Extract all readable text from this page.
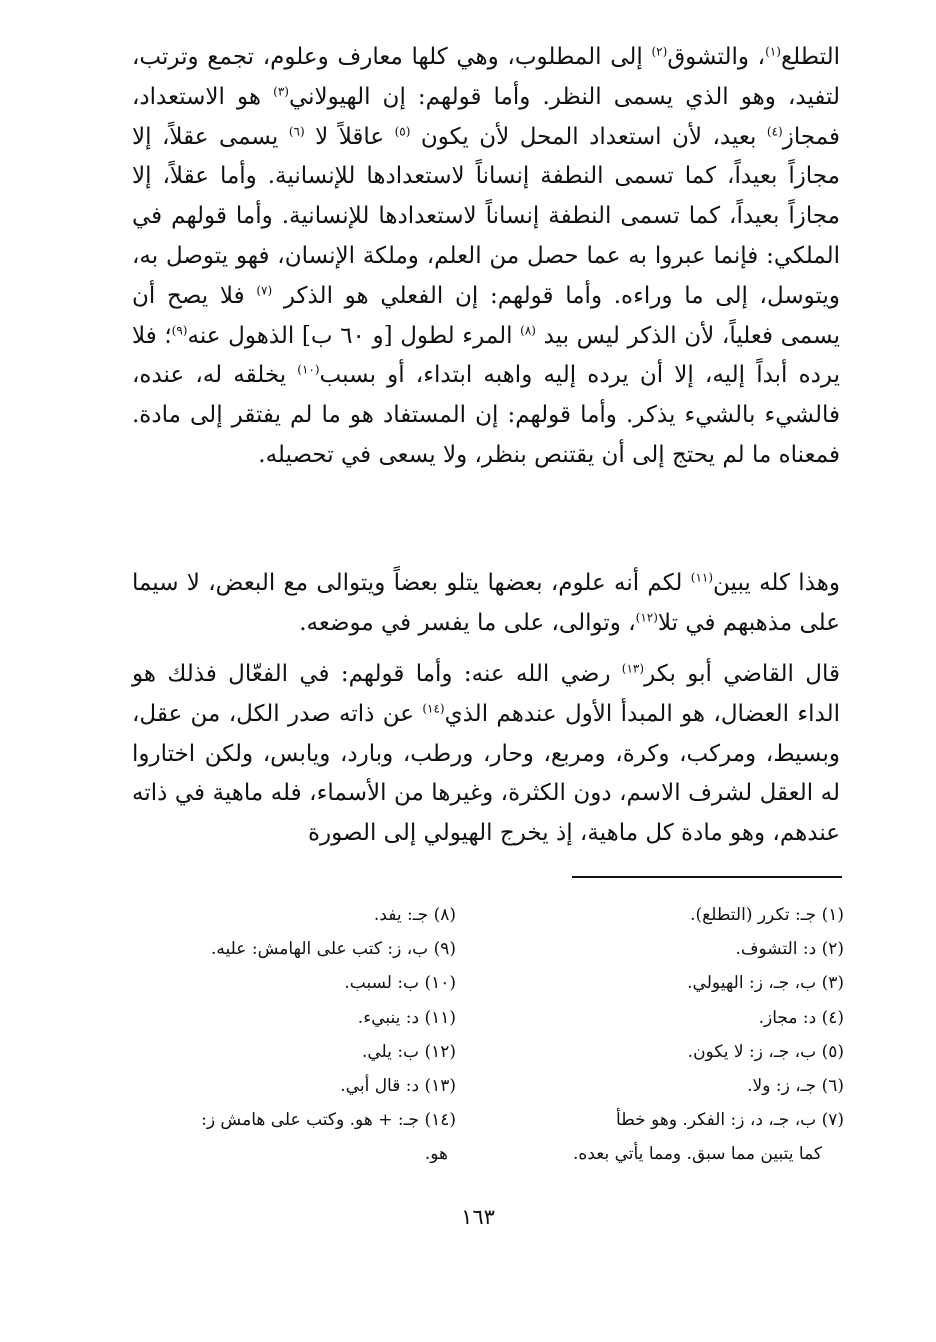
التطلع$^{(١)}$، والتشوق$^{(٢)}$ إلى المطلوب، وهي كلها معارف وعلوم، تجمع وترتب، لتفيد، وهو الذي يسمى النظر. وأما قولهم: إن الهيولاني$^{(٣)}$ هو الاستعداد، فمجاز$^{(٤)}$ بعيد، لأن استعداد المحل لأن يكون $^{(٥)}$ عاقلاً لا $^{(٦)}$ يسمى عقلاً، إلا مجازاً بعيداً، كما تسمى النطفة إنساناً لاستعدادها للإنسانية. وأما عقلاً، إلا مجازاً بعيداً، كما تسمى النطفة إنساناً لاستعدادها للإنسانية. وأما قولهم في الملكي: فإنما عبروا به عما حصل من العلم، وملكة الإنسان، فهو يتوصل به، ويتوسل، إلى ما وراءه. وأما قولهم: إن الفعلي هو الذكر $^{(٧)}$ فلا يصح أن يسمى فعلياً، لأن الذكر ليس بيد $^{(٨)}$ المرء لطول [و ٦٠ ب] الذهول عنه$^{(٩)}$؛ فلا يرده أبداً إليه، إلا أن يرده إليه واهبه ابتداء، أو بسبب$^{(١٠)}$ يخلقه له، عنده، فالشيء بالشيء يذكر. وأما قولهم: إن المستفاد هو ما لم يفتقر إلى مادة. فمعناه ما لم يحتج إلى أن يقتنص بنظر، ولا يسعى في تحصيله.

وهذا كله يبين$^{(١١)}$ لكم أنه علوم، بعضها يتلو بعضاً ويتوالى مع البعض، لا سيما على مذهبهم في تلا$^{(١٢)}$، وتوالى، على ما يفسر في موضعه.

قال القاضي أبو بكر$^{(١٣)}$ رضي الله عنه: وأما قولهم: في الفعّال فذلك هو الداء العضال، هو المبدأ الأول عندهم الذي$^{(١٤)}$ عن ذاته صدر الكل، من عقل، وبسيط، ومركب، وكرة، ومربع، وحار، ورطب، وبارد، ويابس، ولكن اختاروا له العقل لشرف الاسم، دون الكثرة، وغيرها من الأسماء، فله ماهية في ذاته عندهم، وهو مادة كل ماهية، إذ يخرج الهيولي إلى الصورة

(١) جـ: تكرر (التطلع).
(٢) د: التشوف.
(٣) ب، جـ، ز: الهيولي.
(٤) د: مجاز.
(٥) ب، جـ، ز: لا يكون.
(٦) جـ، ز: ولا.
(٧) ب، جـ، د، ز: الفكر. وهو خطأ
كما يتبين مما سبق. ومما يأتي بعده.
(٨) جـ: يفد.
(٩) ب، ز: كتب على الهامش: عليه.
(١٠) ب: لسبب.
(١١) د: ينبيء.
(١٢) ب: يلي.
(١٣) د: قال أبي.
(١٤) جـ: + هو. وكتب على هامش ز:
هو.
١٦٣
